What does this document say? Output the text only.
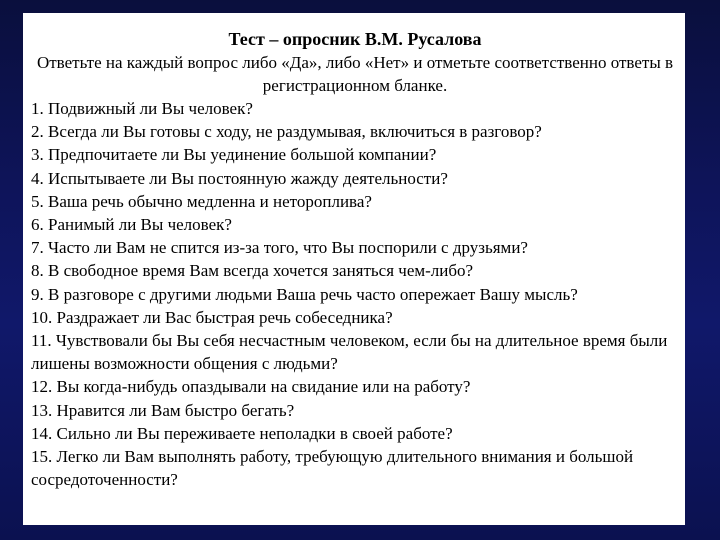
Тест – опросник В.М. Русалова

Ответьте на каждый вопрос либо «Да», либо «Нет» и отметьте соответственно ответы в регистрационном бланке.

1. Подвижный ли Вы человек?
2. Всегда ли Вы готовы с ходу, не раздумывая, включиться в разговор?
3. Предпочитаете ли Вы уединение большой компании?
4. Испытываете ли Вы постоянную жажду деятельности?
5. Ваша речь обычно медленна и нетороплива?
6. Ранимый ли Вы человек?
7. Часто ли Вам не спится из-за того, что Вы поспорили с друзьями?
8. В свободное время Вам всегда хочется заняться чем-либо?
9. В разговоре с другими людьми Ваша речь часто опережает Вашу мысль?
10. Раздражает ли Вас быстрая речь собеседника?
11. Чувствовали бы Вы себя несчастным человеком, если бы на длительное время были лишены возможности общения с людьми?
12. Вы когда-нибудь опаздывали на свидание или на работу?
13. Нравится ли Вам быстро бегать?
14. Сильно ли Вы переживаете неполадки в своей работе?
15. Легко ли Вам выполнять работу, требующую длительного внимания и большой сосредоточенности?
